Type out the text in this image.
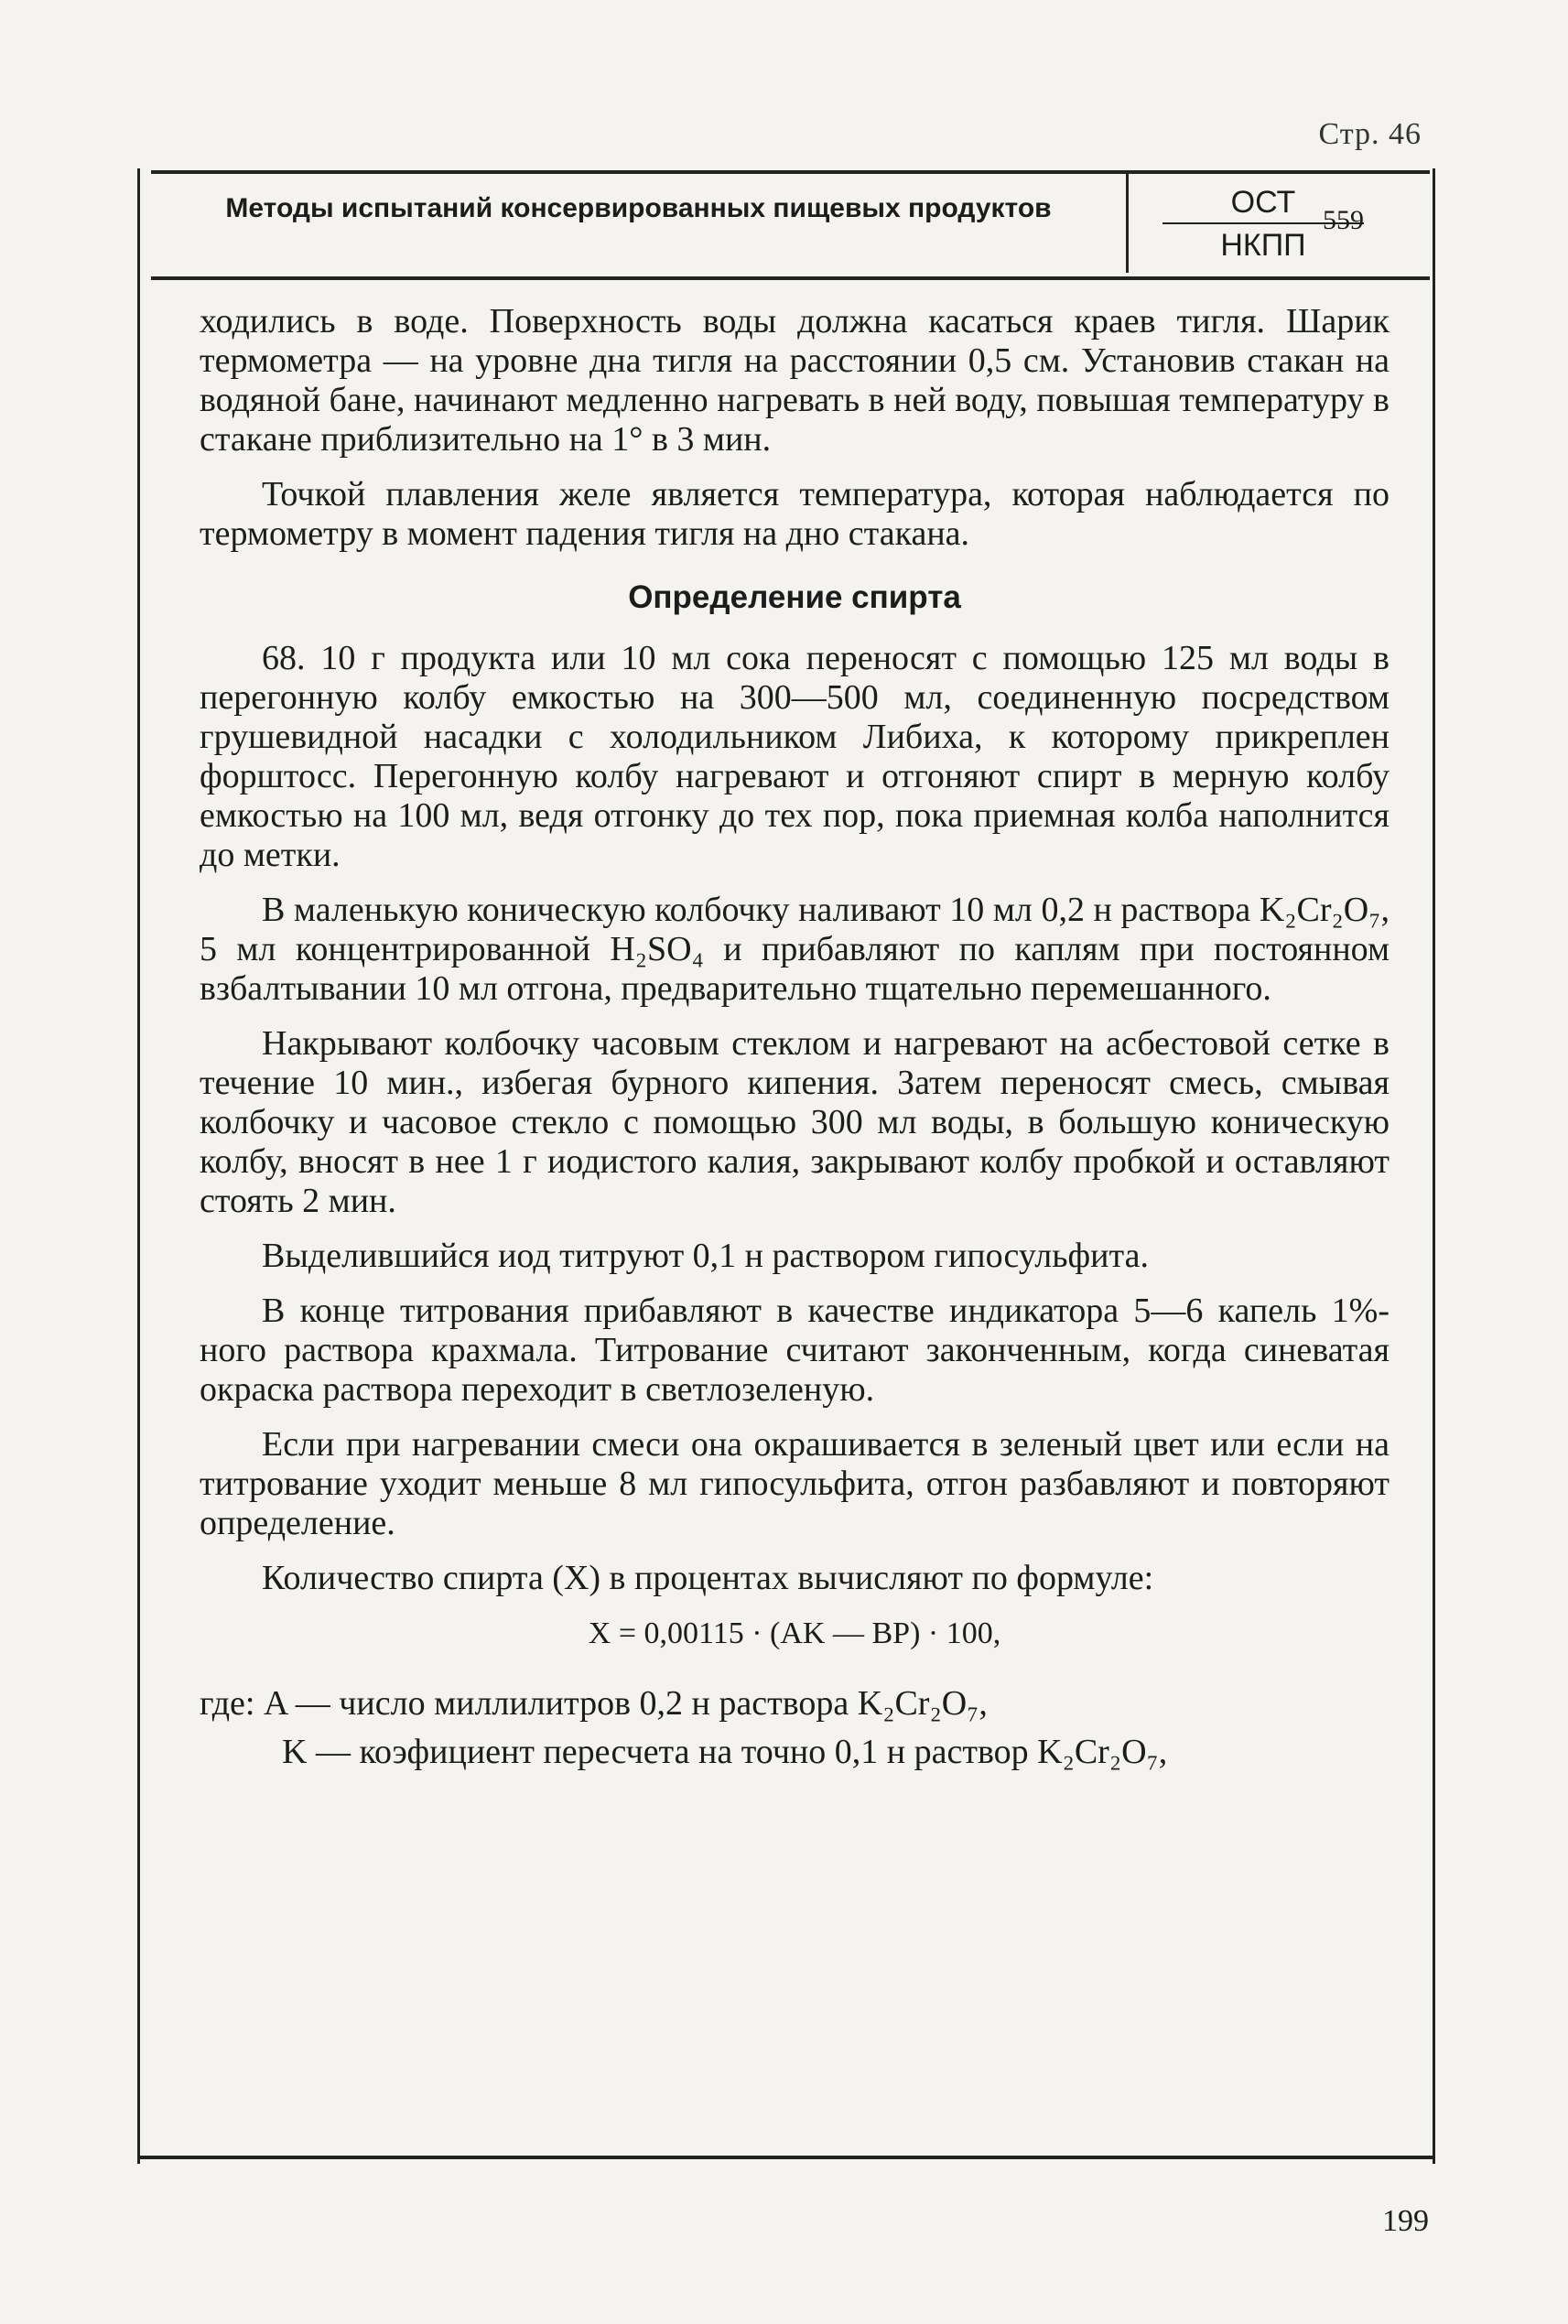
Стр. 46
Методы испытаний консервированных пищевых продуктов	ОСТ
НКПП
559

ходились в воде. Поверхность воды должна касаться краев тигля. Шарик термометра — на уровне дна тигля на расстоянии 0,5 см. Установив стакан на водяной бане, начинают медленно нагревать в ней воду, повышая температуру в стакане приблизительно на 1° в 3 мин.

Точкой плавления желе является температура, которая наблюдается по термометру в момент падения тигля на дно стакана.

Определение спирта

68. 10 г продукта или 10 мл сока переносят с помощью 125 мл воды в перегонную колбу емкостью на 300—500 мл, соединенную посредством грушевидной насадки с холодильником Либиха, к которому прикреплен форштосс. Перегонную колбу нагревают и отгоняют спирт в мерную колбу емкостью на 100 мл, ведя отгонку до тех пор, пока приемная колба наполнится до метки.

В маленькую коническую колбочку наливают 10 мл 0,2 н раствора K₂Cr₂O₇, 5 мл концентрированной H₂SO₄ и прибавляют по каплям при постоянном взбалтывании 10 мл отгона, предварительно тщательно перемешанного.

Накрывают колбочку часовым стеклом и нагревают на асбестовой сетке в течение 10 мин., избегая бурного кипения. Затем переносят смесь, смывая колбочку и часовое стекло с помощью 300 мл воды, в большую коническую колбу, вносят в нее 1 г иодистого калия, закрывают колбу пробкой и оставляют стоять 2 мин.

Выделившийся иод титруют 0,1 н раствором гипосульфита.

В конце титрования прибавляют в качестве индикатора 5—6 капель 1%-ного раствора крахмала. Титрование считают законченным, когда синеватая окраска раствора переходит в светлозеленую.

Если при нагревании смеси она окрашивается в зеленый цвет или если на титрование уходит меньше 8 мл гипосульфита, отгон разбавляют и повторяют определение.

Количество спирта (X) в процентах вычисляют по формуле:

X = 0,00115 · (AK — BP) · 100,
где: A — число миллилитров 0,2 н раствора K₂Cr₂O₇,
K — коэфициент пересчета на точно 0,1 н раствор K₂Cr₂O₇,
199
